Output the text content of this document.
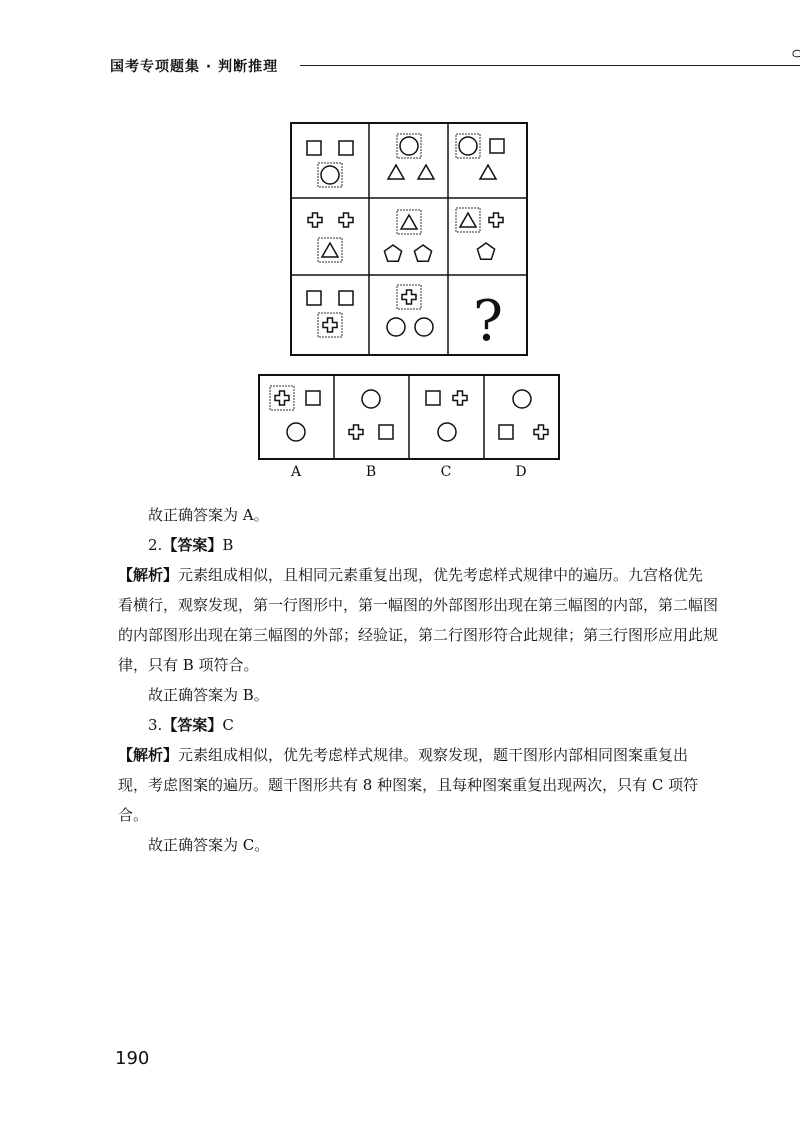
国考专项题集 · 判断推理
?
A	B	C	D

故正确答案为 A。

2.【答案】B

【解析】元素组成相似，且相同元素重复出现，优先考虑样式规律中的遍历。九宫格优先看横行，观察发现，第一行图形中，第一幅图的外部图形出现在第三幅图的内部，第二幅图的内部图形出现在第三幅图的外部；经验证，第二行图形符合此规律；第三行图形应用此规律，只有 B 项符合。

故正确答案为 B。

3.【答案】C

【解析】元素组成相似，优先考虑样式规律。观察发现，题干图形内部相同图案重复出现，考虑图案的遍历。题干图形共有 8 种图案，且每种图案重复出现两次，只有 C 项符合。

故正确答案为 C。

190
